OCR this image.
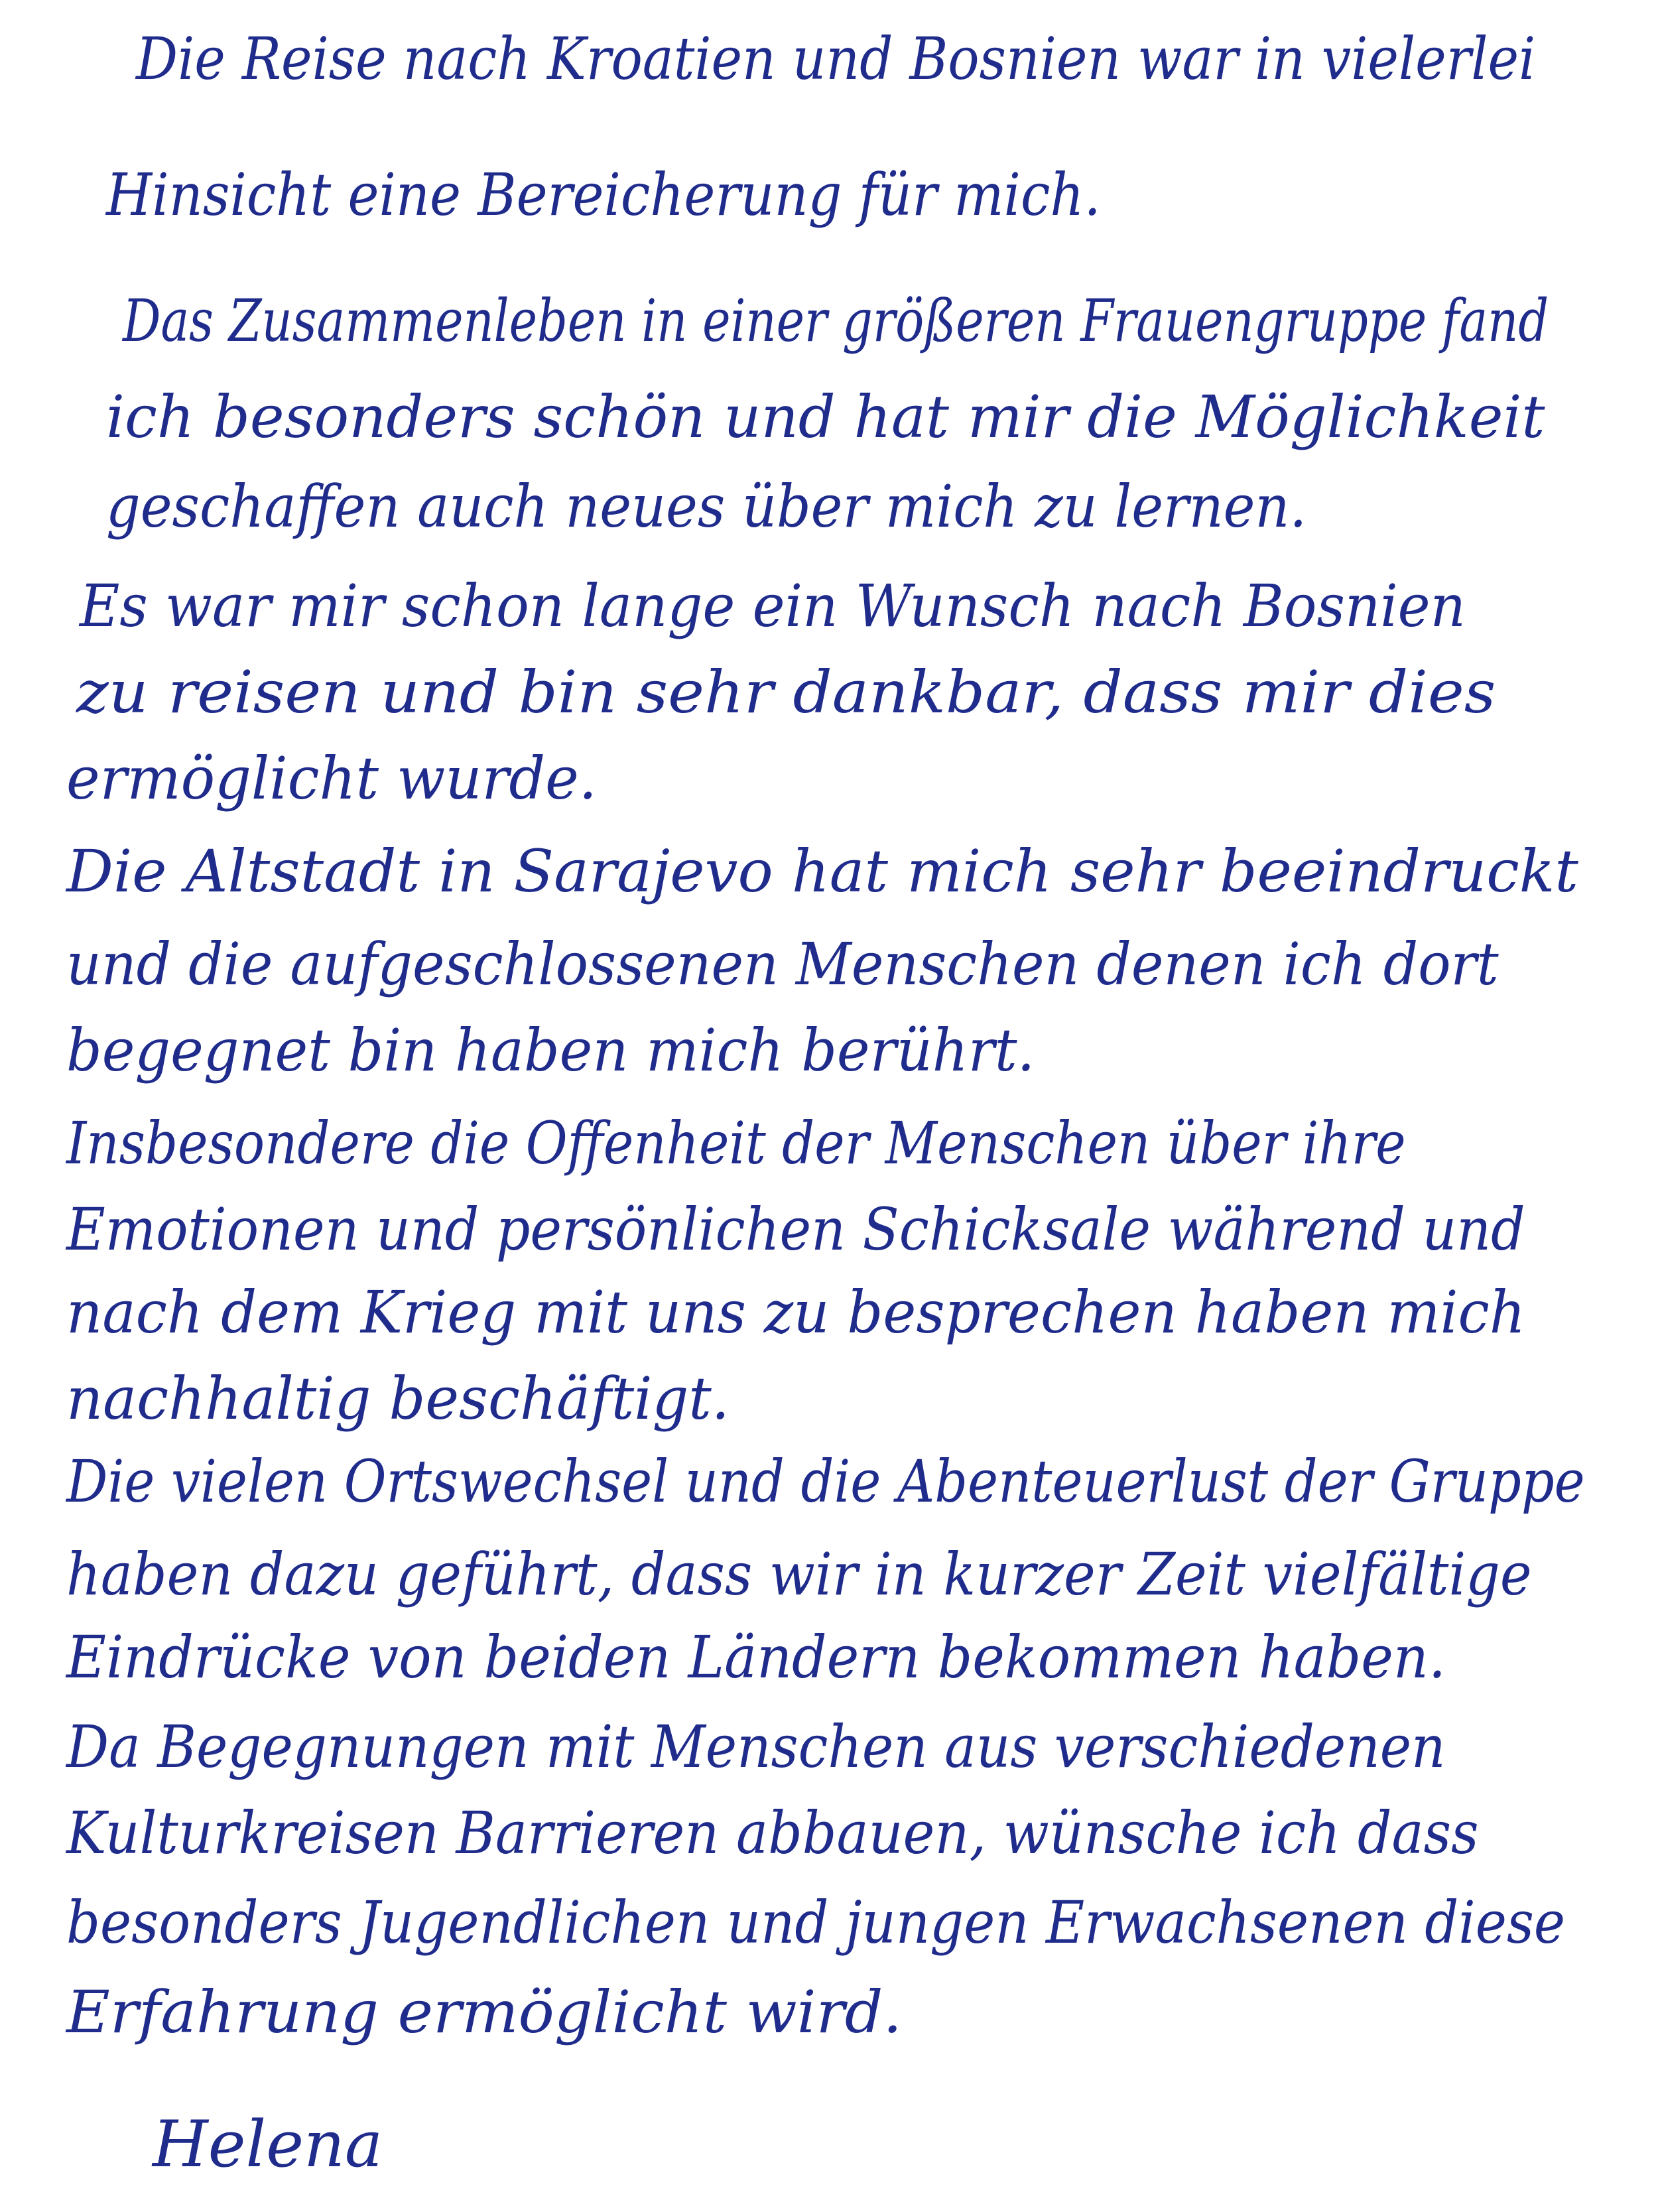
Die Reise nach Kroatien und Bosnien war in vielerlei
Hinsicht eine Bereicherung für mich.
Das Zusammenleben in einer größeren Frauengruppe fand
ich besonders schön und hat mir die Möglichkeit
geschaffen auch neues über mich zu lernen.
Es war mir schon lange ein Wunsch nach Bosnien
zu reisen und bin sehr dankbar, dass mir dies
ermöglicht wurde.
Die Altstadt in Sarajevo hat mich sehr beeindruckt
und die aufgeschlossenen Menschen denen ich dort
begegnet bin haben mich berührt.
Insbesondere die Offenheit der Menschen über ihre
Emotionen und persönlichen Schicksale während und
nach dem Krieg mit uns zu besprechen haben mich
nachhaltig beschäftigt.
Die vielen Ortswechsel und die Abenteuerlust der Gruppe
haben dazu geführt, dass wir in kurzer Zeit vielfältige
Eindrücke von beiden Ländern bekommen haben.
Da Begegnungen mit Menschen aus verschiedenen
Kulturkreisen Barrieren abbauen, wünsche ich dass
besonders Jugendlichen und jungen Erwachsenen diese
Erfahrung ermöglicht wird.
Helena
